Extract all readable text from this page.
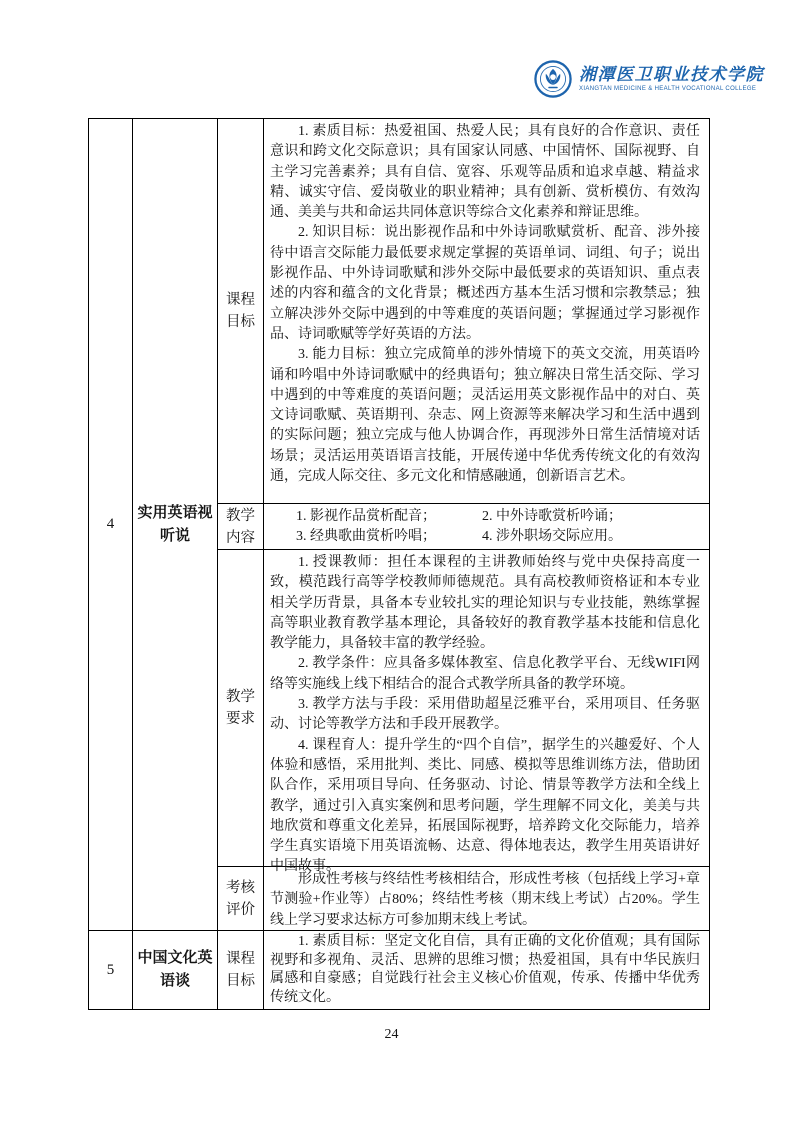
湘潭医卫职业技术学院
XIANGTAN MEDICINE & HEALTH VOCATIONAL COLLEGE
4
实用英语视听说
课程目标

1. 素质目标：热爱祖国、热爱人民；具有良好的合作意识、责任意识和跨文化交际意识；具有国家认同感、中国情怀、国际视野、自主学习完善素养；具有自信、宽容、乐观等品质和追求卓越、精益求精、诚实守信、爱岗敬业的职业精神；具有创新、赏析模仿、有效沟通、美美与共和命运共同体意识等综合文化素养和辩证思维。

2. 知识目标：说出影视作品和中外诗词歌赋赏析、配音、涉外接待中语言交际能力最低要求规定掌握的英语单词、词组、句子；说出影视作品、中外诗词歌赋和涉外交际中最低要求的英语知识、重点表述的内容和蕴含的文化背景；概述西方基本生活习惯和宗教禁忌；独立解决涉外交际中遇到的中等难度的英语问题；掌握通过学习影视作品、诗词歌赋等学好英语的方法。

3. 能力目标：独立完成简单的涉外情境下的英文交流，用英语吟诵和吟唱中外诗词歌赋中的经典语句；独立解决日常生活交际、学习中遇到的中等难度的英语问题；灵活运用英文影视作品中的对白、英文诗词歌赋、英语期刊、杂志、网上资源等来解决学习和生活中遇到的实际问题；独立完成与他人协调合作，再现涉外日常生活情境对话场景；灵活运用英语语言技能，开展传递中华优秀传统文化的有效沟通，完成人际交往、多元文化和情感融通，创新语言艺术。

教学内容
1. 影视作品赏析配音；	2. 中外诗歌赏析吟诵；
3. 经典歌曲赏析吟唱；	4. 涉外职场交际应用。
教学要求

1. 授课教师：担任本课程的主讲教师始终与党中央保持高度一致，模范践行高等学校教师师德规范。具有高校教师资格证和本专业相关学历背景，具备本专业较扎实的理论知识与专业技能，熟练掌握高等职业教育教学基本理论，具备较好的教育教学基本技能和信息化教学能力，具备较丰富的教学经验。

2. 教学条件：应具备多媒体教室、信息化教学平台、无线WIFI网络等实施线上线下相结合的混合式教学所具备的教学环境。

3. 教学方法与手段：采用借助超星泛雅平台，采用项目、任务驱动、讨论等教学方法和手段开展教学。

4. 课程育人：提升学生的“四个自信”，据学生的兴趣爱好、个人体验和感悟，采用批判、类比、同感、模拟等思维训练方法，借助团队合作，采用项目导向、任务驱动、讨论、情景等教学方法和全线上教学，通过引入真实案例和思考问题，学生理解不同文化，美美与共地欣赏和尊重文化差异，拓展国际视野，培养跨文化交际能力，培养学生真实语境下用英语流畅、达意、得体地表达，教学生用英语讲好中国故事。

考核评价

形成性考核与终结性考核相结合，形成性考核（包括线上学习+章节测验+作业等）占80%；终结性考核（期末线上考试）占20%。学生线上学习要求达标方可参加期末线上考试。

5
中国文化英语谈
课程目标

1. 素质目标：坚定文化自信，具有正确的文化价值观；具有国际视野和多视角、灵活、思辨的思维习惯；热爱祖国，具有中华民族归属感和自豪感；自觉践行社会主义核心价值观，传承、传播中华优秀传统文化。

24
